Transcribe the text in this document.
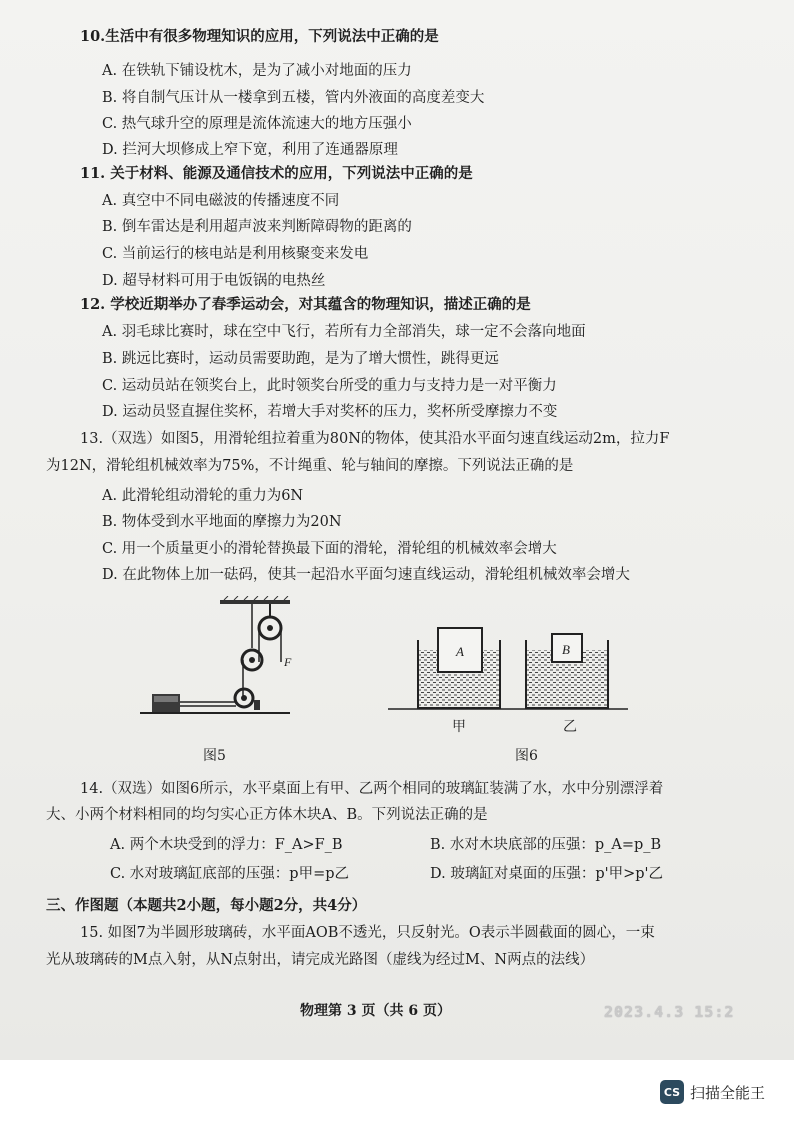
10.生活中有很多物理知识的应用，下列说法中正确的是
A. 在铁轨下铺设枕木，是为了减小对地面的压力
B. 将自制气压计从一楼拿到五楼，管内外液面的高度差变大
C. 热气球升空的原理是流体流速大的地方压强小
D. 拦河大坝修成上窄下宽，利用了连通器原理
11. 关于材料、能源及通信技术的应用，下列说法中正确的是
A. 真空中不同电磁波的传播速度不同
B. 倒车雷达是利用超声波来判断障碍物的距离的
C. 当前运行的核电站是利用核聚变来发电
D. 超导材料可用于电饭锅的电热丝
12. 学校近期举办了春季运动会，对其蕴含的物理知识，描述正确的是
A. 羽毛球比赛时，球在空中飞行，若所有力全部消失，球一定不会落向地面
B. 跳远比赛时，运动员需要助跑，是为了增大惯性，跳得更远
C. 运动员站在领奖台上，此时领奖台所受的重力与支持力是一对平衡力
D. 运动员竖直握住奖杯，若增大手对奖杯的压力，奖杯所受摩擦力不变
13.（双选）如图5，用滑轮组拉着重为80N的物体，使其沿水平面匀速直线运动2m，拉力F
为12N，滑轮组机械效率为75%，不计绳重、轮与轴间的摩擦。下列说法正确的是
A. 此滑轮组动滑轮的重力为6N
B. 物体受到水平地面的摩擦力为20N
C. 用一个质量更小的滑轮替换最下面的滑轮，滑轮组的机械效率会增大
D. 在此物体上加一砝码，使其一起沿水平面匀速直线运动，滑轮组机械效率会增大
F
图5
A	B
甲	乙
图6
14.（双选）如图6所示，水平桌面上有甲、乙两个相同的玻璃缸装满了水，水中分别漂浮着
大、小两个材料相同的均匀实心正方体木块A、B。下列说法正确的是
A. 两个木块受到的浮力：F_A>F_B	B. 水对木块底部的压强：p_A=p_B
C. 水对玻璃缸底部的压强：p甲=p乙	D. 玻璃缸对桌面的压强：p'甲>p'乙
三、作图题（本题共2小题，每小题2分，共4分）
15. 如图7为半圆形玻璃砖，水平面AOB不透光，只反射光。O表示半圆截面的圆心，一束
光从玻璃砖的M点入射，从N点射出，请完成光路图（虚线为经过M、N两点的法线）
物理第 3 页（共 6 页）	2023.4.3 15:2
CS 扫描全能王
